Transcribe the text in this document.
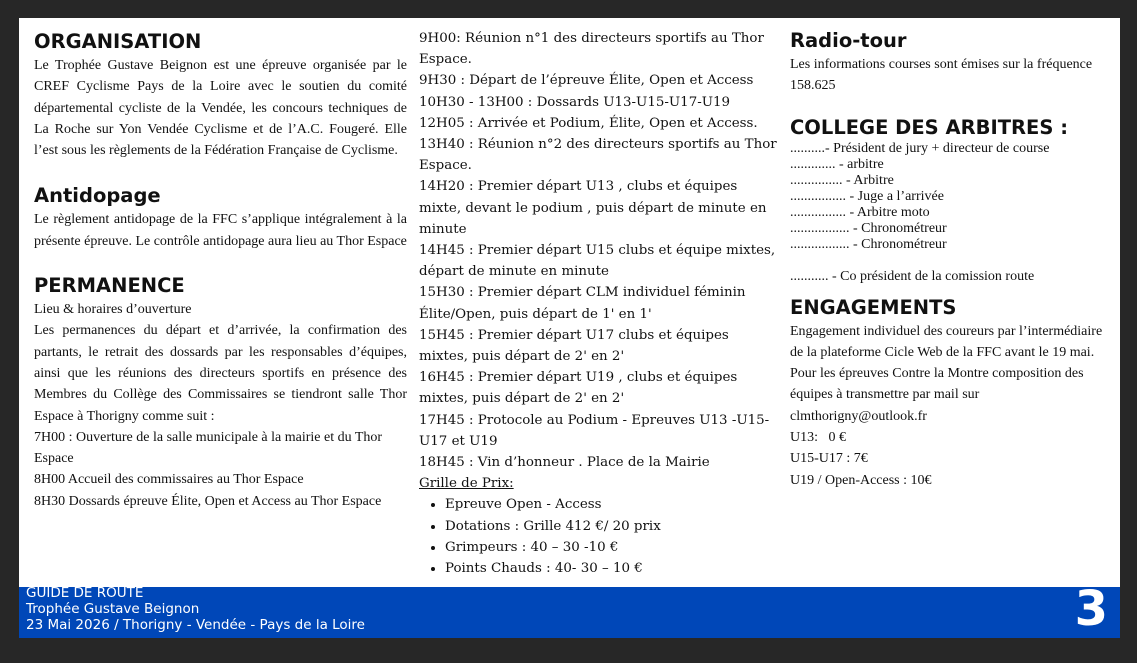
ORGANISATION

Le Trophée Gustave Beignon est une épreuve organisée par le CREF Cyclisme Pays de la Loire avec le soutien du comité départemental cycliste de la Vendée, les concours techniques de La Roche sur Yon Vendée Cyclisme et de l’A.C. Fougeré. Elle l’est sous les règlements de la Fédération Française de Cyclisme.

Antidopage

Le règlement antidopage de la FFC s’applique intégralement à la présente épreuve. Le contrôle antidopage aura lieu au Thor Espace

PERMANENCE

Lieu & horaires d’ouverture

Les permanences du départ et d’arrivée, la confirmation des partants, le retrait des dossards par les responsables d’équipes, ainsi que les réunions des directeurs sportifs en présence des Membres du Collège des Commissaires se tiendront salle Thor Espace à Thorigny comme suit :

7H00 : Ouverture de la salle municipale à la mairie et du Thor Espace

8H00 Accueil des commissaires au Thor Espace

8H30 Dossards épreuve Élite, Open et Access au Thor Espace

9H00: Réunion n°1 des directeurs sportifs au Thor Espace.

9H30 : Départ de l’épreuve Élite, Open et Access

10H30 - 13H00 : Dossards U13-U15-U17-U19

12H05 : Arrivée et Podium, Élite, Open et Access.

13H40 : Réunion n°2 des directeurs sportifs au Thor Espace.

14H20 : Premier départ U13 , clubs et équipes mixte, devant le podium , puis départ de minute en minute

14H45 : Premier départ U15 clubs et équipe mixtes, départ de minute en minute

15H30 : Premier départ CLM individuel féminin Élite/Open, puis départ de 1' en 1'

15H45 : Premier départ U17 clubs et équipes mixtes, puis départ de 2' en 2'

16H45 : Premier départ U19 , clubs et équipes mixtes, puis départ de 2' en 2'

17H45 : Protocole au Podium - Epreuves U13 -U15-U17 et U19

18H45 : Vin d’honneur . Place de la Mairie

Grille de Prix:

• Epreuve Open - Access
• Dotations : Grille 412 €/ 20 prix
• Grimpeurs : 40 – 30 -10 €
• Points Chauds : 40- 30 – 10 €
Radio-tour

Les informations courses sont émises sur la fréquence 158.625

COLLEGE DES ARBITRES :

..........- Président de jury + directeur de course

............. - arbitre

............... - Arbitre

................ - Juge a l’arrivée

................ - Arbitre moto

................. - Chronométreur

................. - Chronométreur

........... - Co président de la comission route

ENGAGEMENTS

Engagement individuel des coureurs par l’intermédiaire de la plateforme Cicle Web de la FFC avant le 19 mai.

Pour les épreuves Contre la Montre composition des équipes à transmettre par mail sur

clmthorigny@outlook.fr

U13:   0 €

U15-U17 : 7€

U19 / Open-Access : 10€

GUIDE DE ROUTE
Trophée Gustave Beignon
23 Mai 2026 / Thorigny - Vendée - Pays de la Loire	3
